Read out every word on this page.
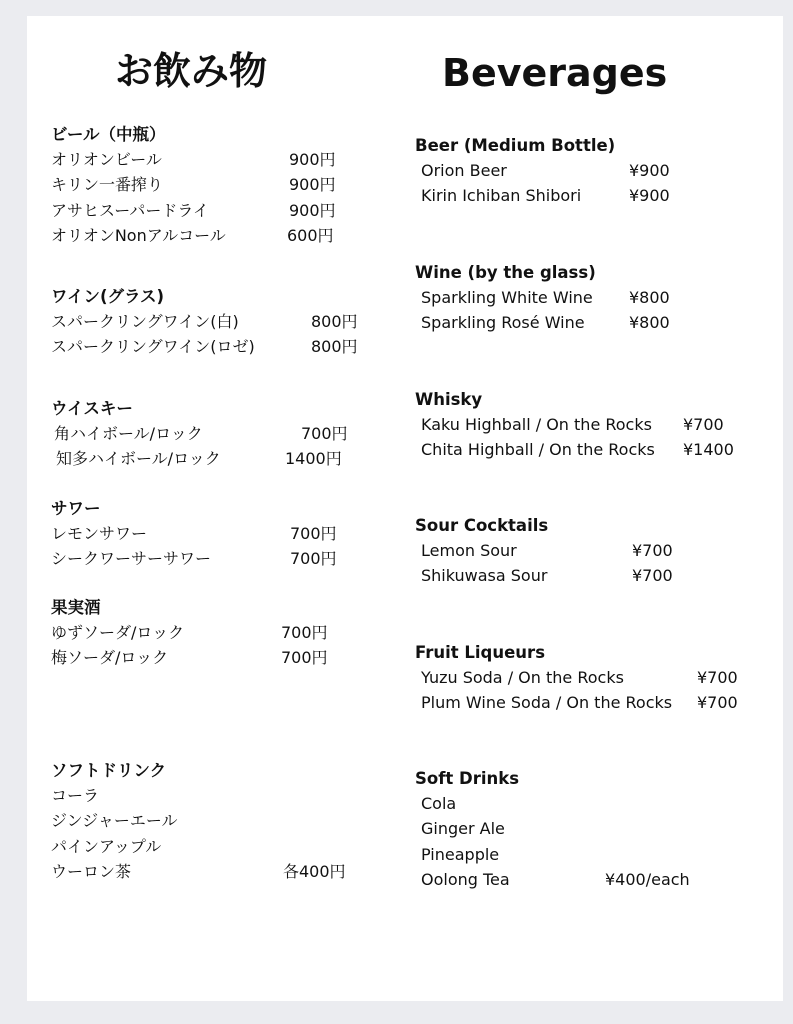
お飲み物	Beverages
ビール（中瓶）
オリオンビール	900円
キリン一番搾り	900円
アサヒスーパードライ	900円
オリオンNonアルコール	600円
ワイン(グラス)
スパークリングワイン(白)	800円
スパークリングワイン(ロゼ)	800円
ウイスキー
角ハイボール/ロック	700円
知多ハイボール/ロック	1400円
サワー
レモンサワー	700円
シークワーサーサワー	700円
果実酒
ゆずソーダ/ロック	700円
梅ソーダ/ロック	700円
ソフトドリンク
コーラ
ジンジャーエール
パインアップル
ウーロン茶	各400円
Beer (Medium Bottle)
Orion Beer	¥900
Kirin Ichiban Shibori	¥900
Wine (by the glass)
Sparkling White Wine ¥800
Sparkling Rosé Wine	¥800
Whisky
Kaku Highball / On the Rocks ¥700
Chita Highball / On the Rocks ¥1400
Sour Cocktails
Lemon Sour	¥700
Shikuwasa Sour	¥700
Fruit Liqueurs
Yuzu Soda / On the Rocks	¥700
Plum Wine Soda / On the Rocks ¥700
Soft Drinks
Cola
Ginger Ale
Pineapple
Oolong Tea	¥400/each
